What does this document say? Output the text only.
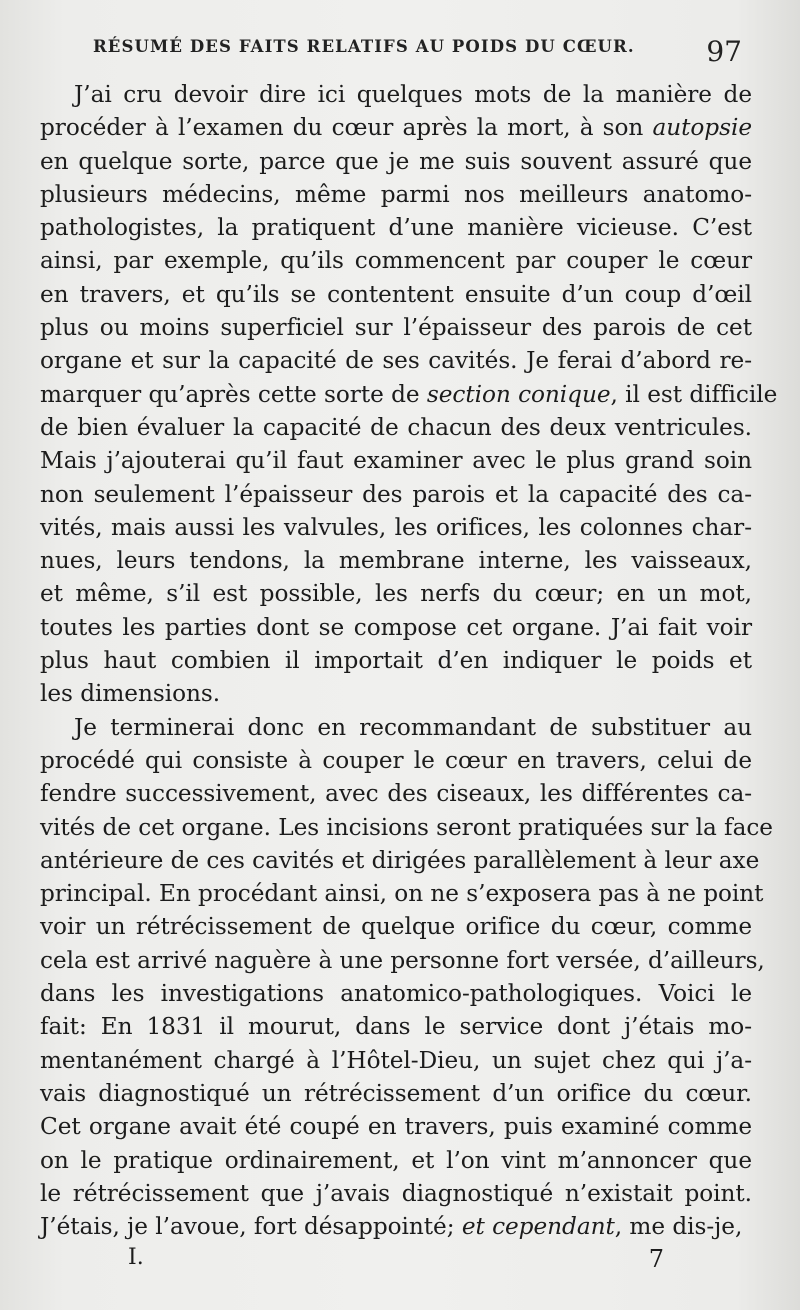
RÉSUMÉ DES FAITS RELATIFS AU POIDS DU CŒUR.	97
J’ai cru devoir dire ici quelques mots de la manière de
procéder à l’examen du cœur après la mort, à son autopsie
en quelque sorte, parce que je me suis souvent assuré que
plusieurs médecins, même parmi nos meilleurs anatomo-
pathologistes, la pratiquent d’une manière vicieuse. C’est
ainsi, par exemple, qu’ils commencent par couper le cœur
en travers, et qu’ils se contentent ensuite d’un coup d’œil
plus ou moins superficiel sur l’épaisseur des parois de cet
organe et sur la capacité de ses cavités. Je ferai d’abord re-
marquer qu’après cette sorte de section conique, il est difficile
de bien évaluer la capacité de chacun des deux ventricules.
Mais j’ajouterai qu’il faut examiner avec le plus grand soin
non seulement l’épaisseur des parois et la capacité des ca-
vités, mais aussi les valvules, les orifices, les colonnes char-
nues, leurs tendons, la membrane interne, les vaisseaux,
et même, s’il est possible, les nerfs du cœur; en un mot,
toutes les parties dont se compose cet organe. J’ai fait voir
plus haut combien il importait d’en indiquer le poids et
les dimensions.
Je terminerai donc en recommandant de substituer au
procédé qui consiste à couper le cœur en travers, celui de
fendre successivement, avec des ciseaux, les différentes ca-
vités de cet organe. Les incisions seront pratiquées sur la face
antérieure de ces cavités et dirigées parallèlement à leur axe
principal. En procédant ainsi, on ne s’exposera pas à ne point
voir un rétrécissement de quelque orifice du cœur, comme
cela est arrivé naguère à une personne fort versée, d’ailleurs,
dans les investigations anatomico-pathologiques. Voici le
fait: En 1831 il mourut, dans le service dont j’étais mo-
mentanément chargé à l’Hôtel-Dieu, un sujet chez qui j’a-
vais diagnostiqué un rétrécissement d’un orifice du cœur.
Cet organe avait été coupé en travers, puis examiné comme
on le pratique ordinairement, et l’on vint m’annoncer que
le rétrécissement que j’avais diagnostiqué n’existait point.
J’étais, je l’avoue, fort désappointé; et cependant, me dis-je,
I.	7
